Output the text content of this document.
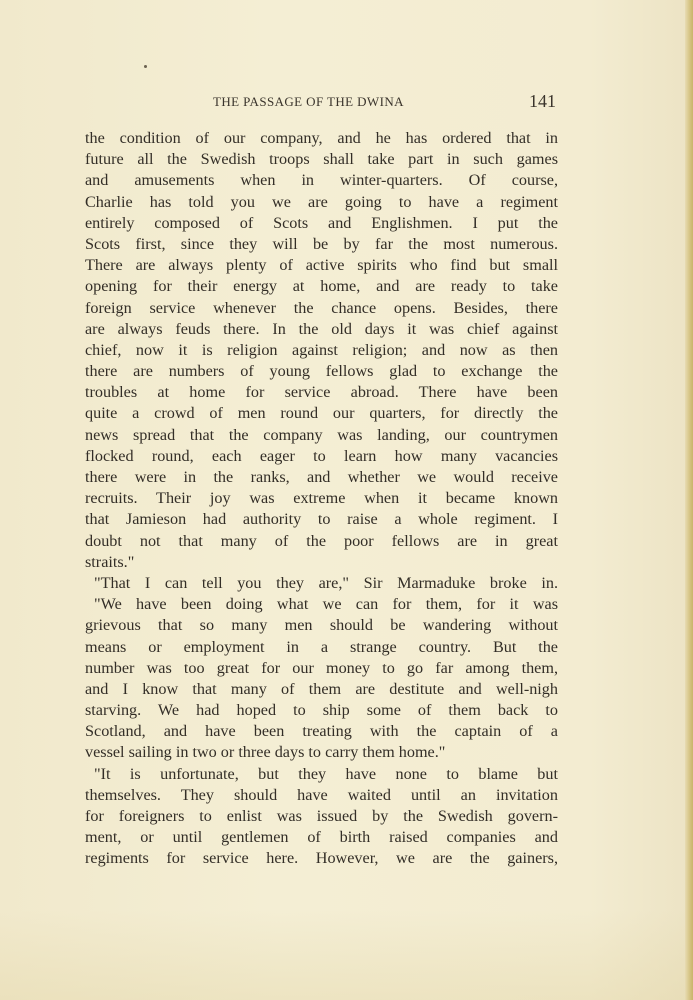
THE PASSAGE OF THE DWINA	141
the condition of our company, and he has ordered that in
future all the Swedish troops shall take part in such games
and amusements when in winter-quarters. Of course,
Charlie has told you we are going to have a regiment
entirely composed of Scots and Englishmen. I put the
Scots first, since they will be by far the most numerous.
There are always plenty of active spirits who find but small
opening for their energy at home, and are ready to take
foreign service whenever the chance opens. Besides, there
are always feuds there. In the old days it was chief against
chief, now it is religion against religion; and now as then
there are numbers of young fellows glad to exchange the
troubles at home for service abroad. There have been
quite a crowd of men round our quarters, for directly the
news spread that the company was landing, our countrymen
flocked round, each eager to learn how many vacancies
there were in the ranks, and whether we would receive
recruits. Their joy was extreme when it became known
that Jamieson had authority to raise a whole regiment. I
doubt not that many of the poor fellows are in great
straits."
"That I can tell you they are," Sir Marmaduke broke in.
"We have been doing what we can for them, for it was
grievous that so many men should be wandering without
means or employment in a strange country. But the
number was too great for our money to go far among them,
and I know that many of them are destitute and well-nigh
starving. We had hoped to ship some of them back to
Scotland, and have been treating with the captain of a
vessel sailing in two or three days to carry them home."
"It is unfortunate, but they have none to blame but
themselves. They should have waited until an invitation
for foreigners to enlist was issued by the Swedish govern-
ment, or until gentlemen of birth raised companies and
regiments for service here. However, we are the gainers,
